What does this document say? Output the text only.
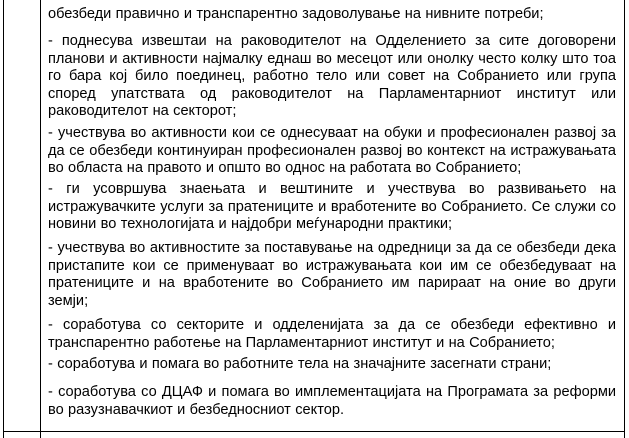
обезбеди правично и транспарентно задоволување на нивните потреби;

- поднесува извештаи на раководителот на Одделението за сите договорени планови и активности најмалку еднаш во месецот или онолку често колку што тоа го бара кој било поединец, работно тело или совет на Собранието или група според упатствата од раководителот на Парламентарниот институт или раководителот на секторот;

- учествува во активности кои се однесуваат на обуки и професионален развој за да се обезбеди континуиран професионален развој во контекст на истражувањата во областа на правото и општо во однос на работата во Собранието;

- ги усовршува знаењата и вештините и учествува во развивањето на истражувачките услуги за пратениците и вработените во Собранието. Се служи со новини во технологијата и најдобри меѓународни практики;

- учествува во активностите за поставување на одредници за да се обезбеди дека пристапите кои се применуваат во истражувањата кои им се обезбедуваат на пратениците и на вработените во Собранието им парираат на оние во други земји;

- соработува со секторите и одделенијата за да се обезбеди ефективно и транспарентно работење на Парламентарниот институт и на Собранието;

- соработува и помага во работните тела на значајните засегнати страни;

- соработува со ДЦАФ и помага во имплементацијата на Програмата за реформи во разузнавачкиот и безбедносниот сектор.
